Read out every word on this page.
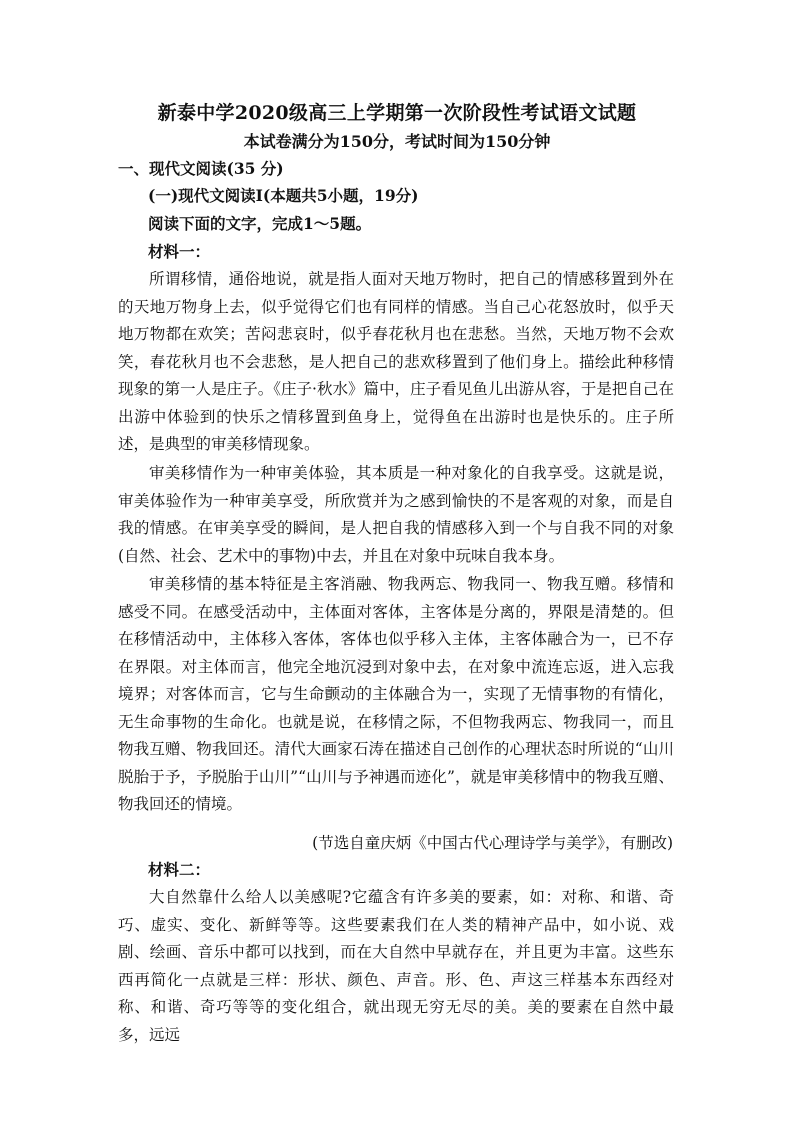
新泰中学2020级高三上学期第一次阶段性考试语文试题
本试卷满分为150分，考试时间为150分钟
一、现代文阅读(35 分)
(一)现代文阅读I(本题共5小题，19分)
阅读下面的文字，完成1～5题。
材料一：

所谓移情，通俗地说，就是指人面对天地万物时，把自己的情感移置到外在的天地万物身上去，似乎觉得它们也有同样的情感。当自己心花怒放时，似乎天地万物都在欢笑；苦闷悲哀时，似乎春花秋月也在悲愁。当然，天地万物不会欢笑，春花秋月也不会悲愁，是人把自己的悲欢移置到了他们身上。描绘此种移情现象的第一人是庄子。《庄子·秋水》篇中，庄子看见鱼儿出游从容，于是把自己在出游中体验到的快乐之情移置到鱼身上，觉得鱼在出游时也是快乐的。庄子所述，是典型的审美移情现象。

审美移情作为一种审美体验，其本质是一种对象化的自我享受。这就是说，审美体验作为一种审美享受，所欣赏并为之感到愉快的不是客观的对象，而是自我的情感。在审美享受的瞬间，是人把自我的情感移入到一个与自我不同的对象(自然、社会、艺术中的事物)中去，并且在对象中玩味自我本身。

审美移情的基本特征是主客消融、物我两忘、物我同一、物我互赠。移情和感受不同。在感受活动中，主体面对客体，主客体是分离的，界限是清楚的。但在移情活动中，主体移入客体，客体也似乎移入主体，主客体融合为一，已不存在界限。对主体而言，他完全地沉浸到对象中去，在对象中流连忘返，进入忘我境界；对客体而言，它与生命颤动的主体融合为一，实现了无情事物的有情化，无生命事物的生命化。也就是说，在移情之际，不但物我两忘、物我同一，而且物我互赠、物我回还。清代大画家石涛在描述自己创作的心理状态时所说的“山川脱胎于予，予脱胎于山川”“山川与予神遇而迹化”，就是审美移情中的物我互赠、物我回还的情境。

(节选自童庆炳《中国古代心理诗学与美学》，有删改)
材料二：

大自然靠什么给人以美感呢?它蕴含有许多美的要素，如：对称、和谐、奇巧、虚实、变化、新鲜等等。这些要素我们在人类的精神产品中，如小说、戏剧、绘画、音乐中都可以找到，而在大自然中早就存在，并且更为丰富。这些东西再简化一点就是三样：形状、颜色、声音。形、色、声这三样基本东西经对称、和谐、奇巧等等的变化组合，就出现无穷无尽的美。美的要素在自然中最多，远远
